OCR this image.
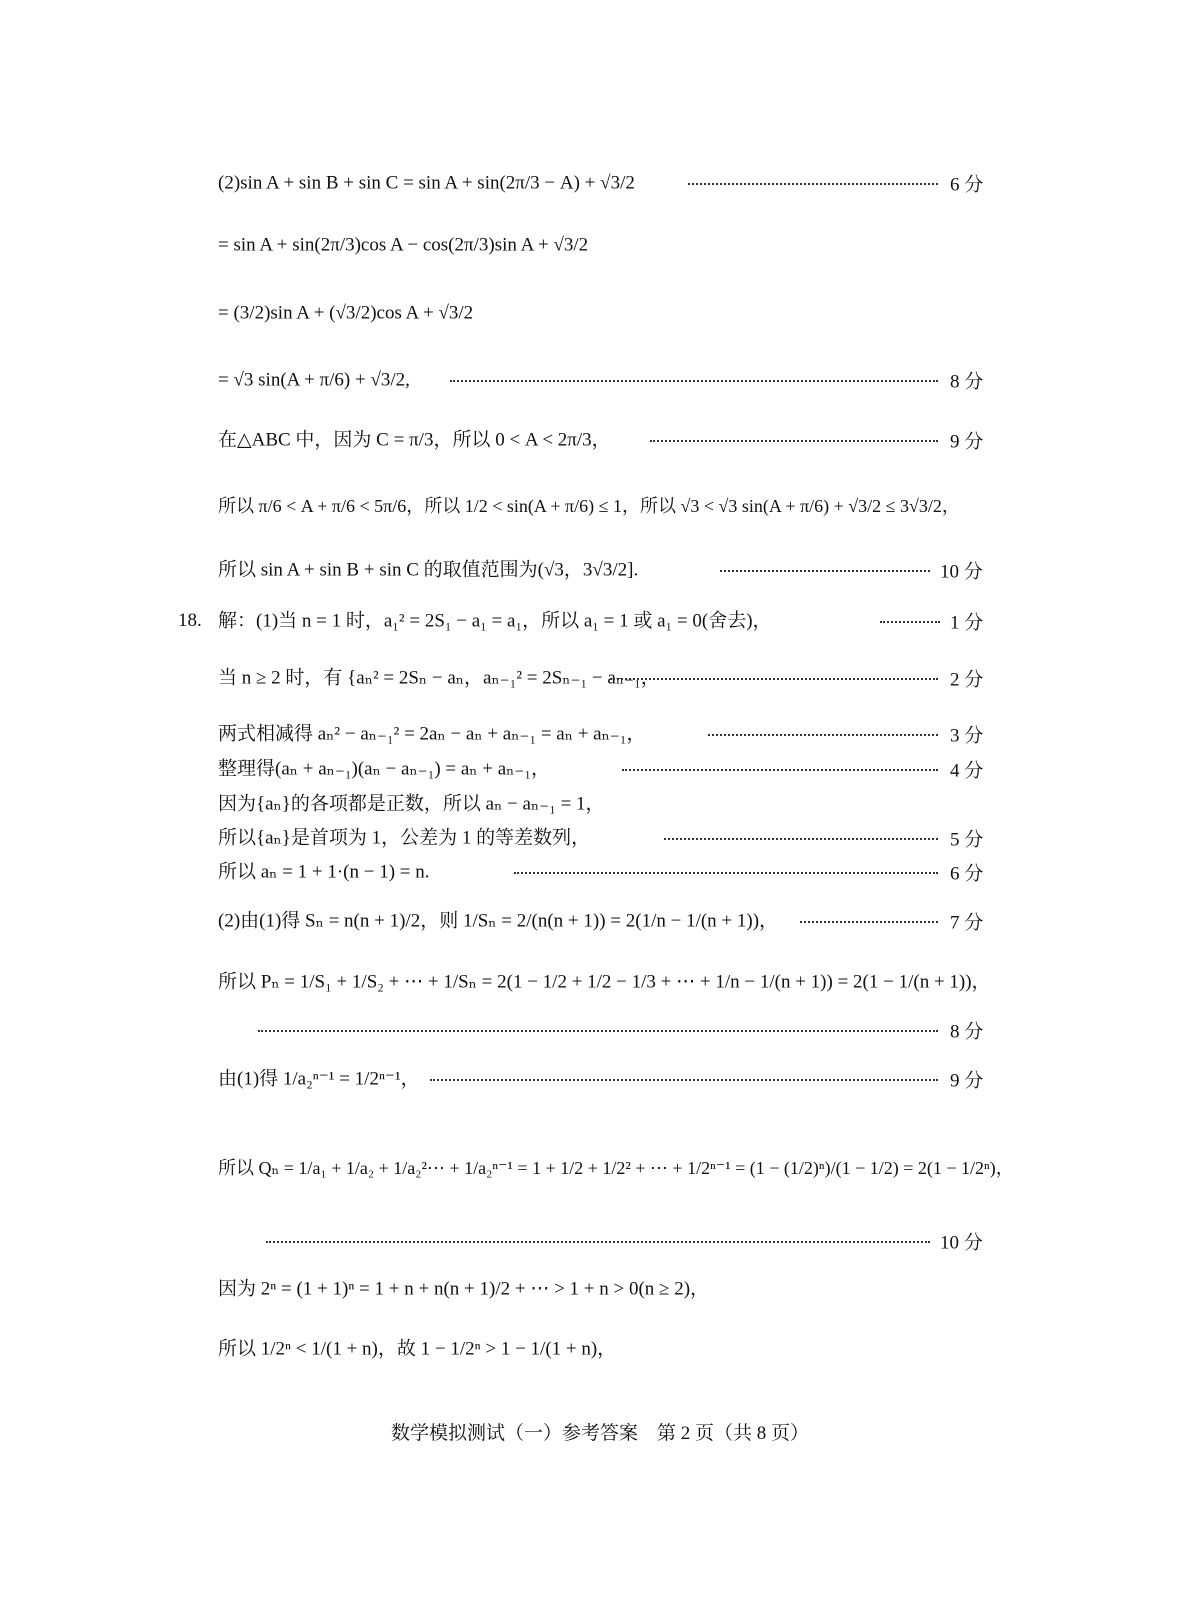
(2)sin A + sin B + sin C = sin A + sin(2π/3 − A) + √3/2	6 分
= sin A + sin(2π/3)cos A − cos(2π/3)sin A + √3/2
= (3/2)sin A + (√3/2)cos A + √3/2
= √3 sin(A + π/6) + √3/2,	8 分
在△ABC 中，因为 C = π/3，所以 0 < A < 2π/3，	9 分
所以 π/6 < A + π/6 < 5π/6，所以 1/2 < sin(A + π/6) ≤ 1，所以 √3 < √3 sin(A + π/6) + √3/2 ≤ 3√3/2，
所以 sin A + sin B + sin C 的取值范围为(√3，3√3/2].	10 分
18. 解：(1)当 n = 1 时，a₁² = 2S₁ − a₁ = a₁，所以 a₁ = 1 或 a₁ = 0(舍去)，	1 分
当 n ≥ 2 时，有 {aₙ² = 2Sₙ − aₙ，aₙ₋₁² = 2Sₙ₋₁ − aₙ₋₁，	2 分
两式相减得 aₙ² − aₙ₋₁² = 2aₙ − aₙ + aₙ₋₁ = aₙ + aₙ₋₁，	3 分
整理得(aₙ + aₙ₋₁)(aₙ − aₙ₋₁) = aₙ + aₙ₋₁，	4 分
因为{aₙ}的各项都是正数，所以 aₙ − aₙ₋₁ = 1，
所以{aₙ}是首项为 1，公差为 1 的等差数列，	5 分
所以 aₙ = 1 + 1·(n − 1) = n.	6 分
(2)由(1)得 Sₙ = n(n + 1)/2，则 1/Sₙ = 2/(n(n + 1)) = 2(1/n − 1/(n + 1))，	7 分
所以 Pₙ = 1/S₁ + 1/S₂ + ⋯ + 1/Sₙ = 2(1 − 1/2 + 1/2 − 1/3 + ⋯ + 1/n − 1/(n + 1)) = 2(1 − 1/(n + 1))，
8 分
由(1)得 1/a₂ⁿ⁻¹ = 1/2ⁿ⁻¹，	9 分
所以 Qₙ = 1/a₁ + 1/a₂ + 1/a₂²⋯ + 1/a₂ⁿ⁻¹ = 1 + 1/2 + 1/2² + ⋯ + 1/2ⁿ⁻¹ = (1 − (1/2)ⁿ)/(1 − 1/2) = 2(1 − 1/2ⁿ)，
10 分
因为 2ⁿ = (1 + 1)ⁿ = 1 + n + n(n + 1)/2 + ⋯ > 1 + n > 0(n ≥ 2)，
所以 1/2ⁿ < 1/(1 + n)，故 1 − 1/2ⁿ > 1 − 1/(1 + n)，
数学模拟测试（一）参考答案　第 2 页（共 8 页）
